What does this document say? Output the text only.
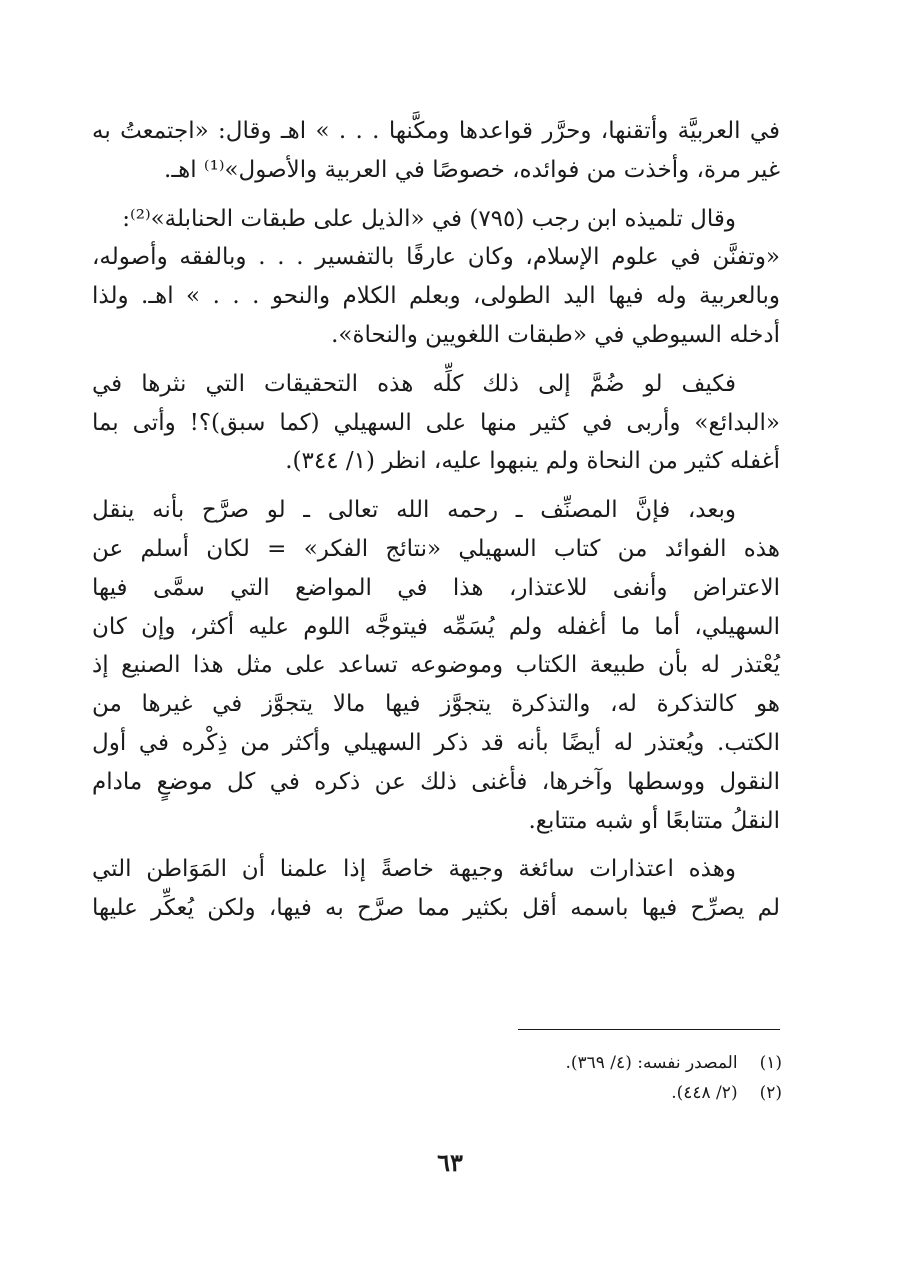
في العربيَّة وأتقنها، وحرَّر قواعدها ومكَّنها . . . » اهـ وقال: «اجتمعتُ به
غير مرة، وأخذت من فوائده، خصوصًا في العربية والأصول»⁽¹⁾ اهـ.

وقال تلميذه ابن رجب (٧٩٥) في «الذيل على طبقات الحنابلة»⁽²⁾:
«وتفنَّن في علوم الإسلام، وكان عارفًا بالتفسير . . . وبالفقه وأصوله،
وبالعربية وله فيها اليد الطولى، وبعلم الكلام والنحو . . . » اهـ. ولذا
أدخله السيوطي في «طبقات اللغويين والنحاة».

فكيف لو ضُمَّ إلى ذلك كلِّه هذه التحقيقات التي نثرها في
«البدائع» وأربى في كثير منها على السهيلي (كما سبق)؟! وأتى بما
أغفله كثير من النحاة ولم ينبهوا عليه، انظر (١/ ٣٤٤).

وبعد، فإنَّ المصنِّف ـ رحمه الله تعالى ـ لو صرَّح بأنه ينقل
هذه الفوائد من كتاب السهيلي «نتائج الفكر» = لكان أسلم عن
الاعتراض وأنفى للاعتذار، هذا في المواضع التي سمَّى فيها
السهيلي، أما ما أغفله ولم يُسَمِّه فيتوجَّه اللوم عليه أكثر، وإن كان
يُعْتذر له بأن طبيعة الكتاب وموضوعه تساعد على مثل هذا الصنيع إذ
هو كالتذكرة له، والتذكرة يتجوَّز فيها مالا يتجوَّز في غيرها من
الكتب. ويُعتذر له أيضًا بأنه قد ذكر السهيلي وأكثر من ذِكْره في أول
النقول ووسطها وآخرها، فأغنى ذلك عن ذكره في كل موضعٍ مادام
النقلُ متتابعًا أو شبه متتابع.

وهذه اعتذارات سائغة وجيهة خاصةً إذا علمنا أن المَوَاطن التي
لم يصرِّح فيها باسمه أقل بكثير مما صرَّح به فيها، ولكن يُعكِّر عليها

(١)المصدر نفسه: (٤/ ٣٦٩).
(٢)(٢/ ٤٤٨).
٦٣
